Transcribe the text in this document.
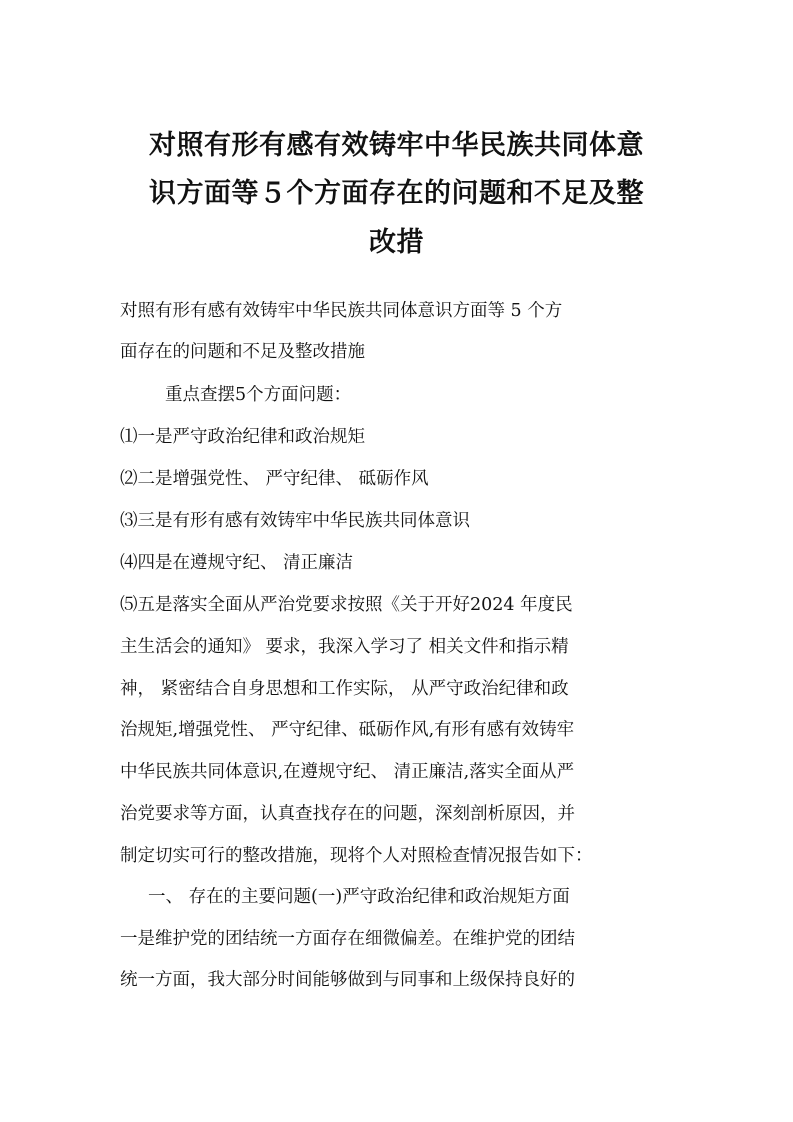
对照有形有感有效铸牢中华民族共同体意
识方面等５个方面存在的问题和不足及整
改措
对照有形有感有效铸牢中华民族共同体意识方面等 5 个方
面存在的问题和不足及整改措施
重点查摆5个方面问题：
⑴一是严守政治纪律和政治规矩
⑵二是增强党性、 严守纪律、 砥砺作风
⑶三是有形有感有效铸牢中华民族共同体意识
⑷四是在遵规守纪、 清正廉洁
⑸五是落实全面从严治党要求按照《关于开好2024 年度民
主生活会的通知》 要求，我深入学习了 相关文件和指示精
神， 紧密结合自身思想和工作实际， 从严守政治纪律和政
治规矩,增强党性、 严守纪律、砥砺作风,有形有感有效铸牢
中华民族共同体意识,在遵规守纪、 清正廉洁,落实全面从严
治党要求等方面，认真查找存在的问题，深刻剖析原因，并
制定切实可行的整改措施，现将个人对照检查情况报告如下：
一、 存在的主要问题(一)严守政治纪律和政治规矩方面
一是维护党的团结统一方面存在细微偏差。在维护党的团结
统一方面，我大部分时间能够做到与同事和上级保持良好的
